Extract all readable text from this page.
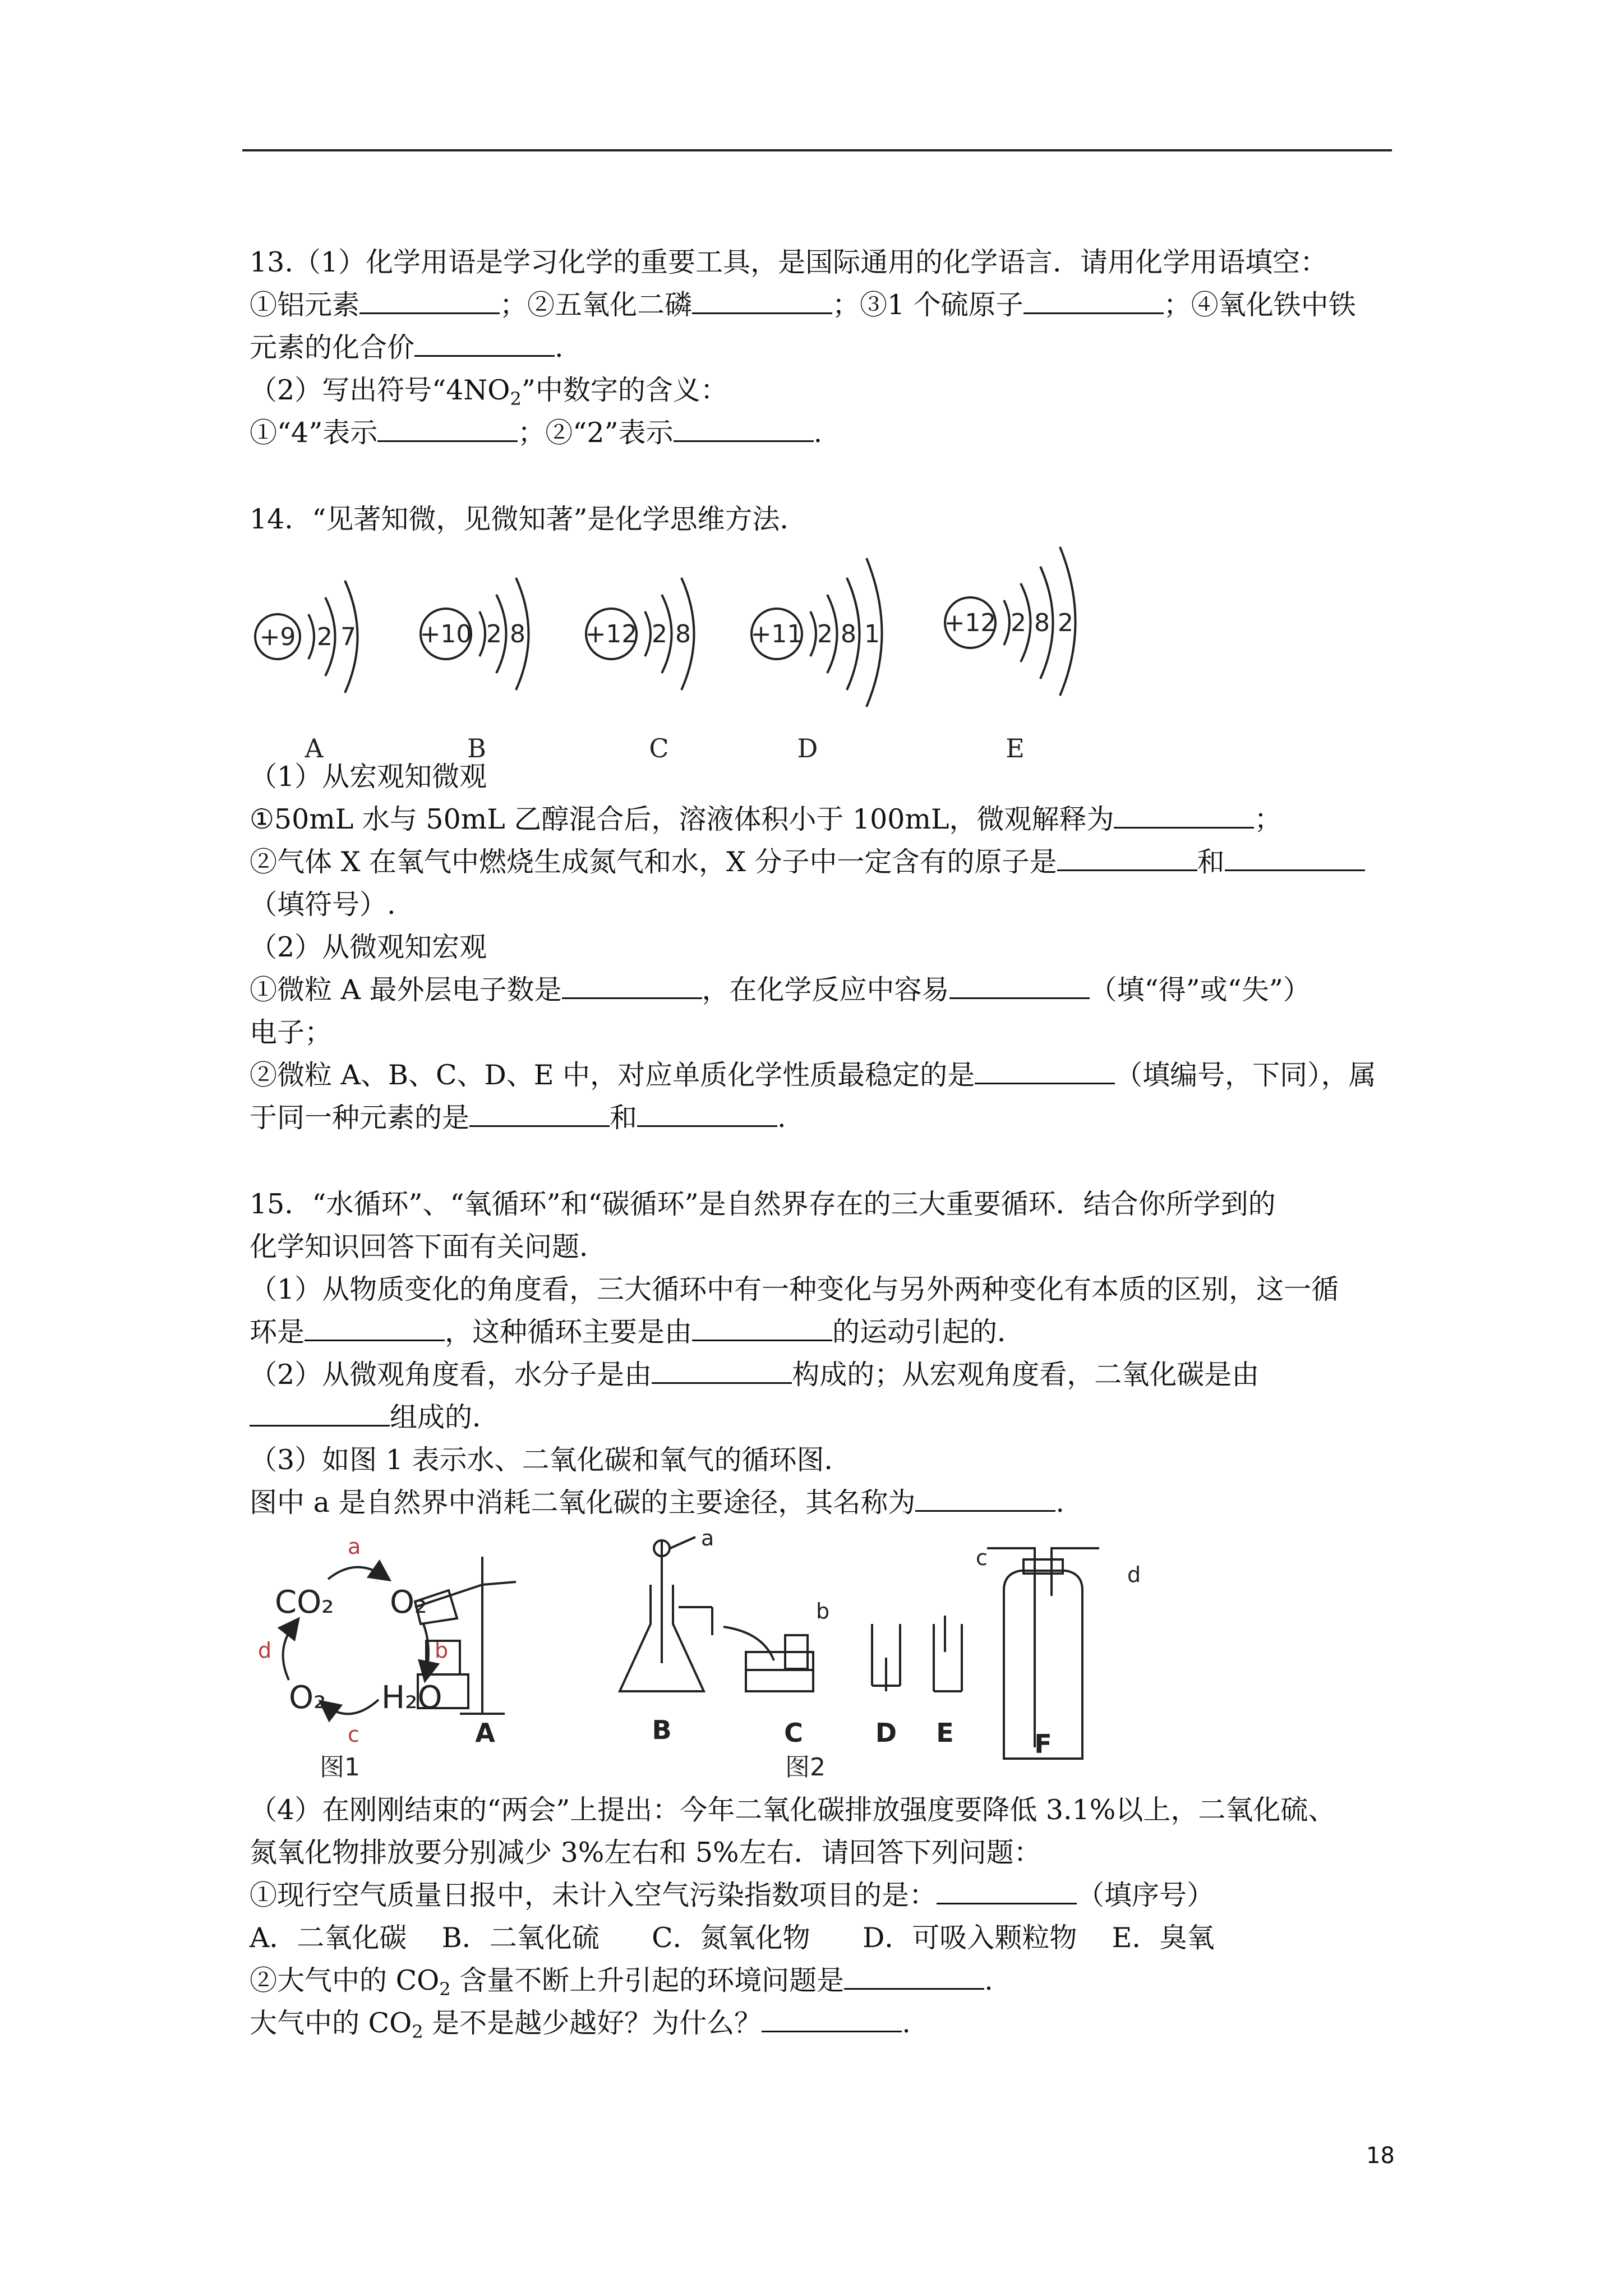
13.（1）化学用语是学习化学的重要工具，是国际通用的化学语言．请用化学用语填空：
①铝元素	；②五氧化二磷	；③1 个硫原子	；④氧化铁中铁
元素的化合价	.
（2）写出符号“$4NO_2$”中数字的含义：
①“4”表示	；②“2”表示	.
14．“见著知微，见微知著”是化学思维方法．
+9 2 7	+10 2 8 +12 2 8 +11 2 8 1	+12 2 8 2
A	B	C	D	E
（1）从宏观知微观
①50mL 水与 50mL 乙醇混合后，溶液体积小于 100mL，微观解释为	；
②气体 X 在氧气中燃烧生成氮气和水，X 分子中一定含有的原子是	和
（填符号）.
（2）从微观知宏观
①微粒 A 最外层电子数是	，在化学反应中容易	（填“得”或“失”）
电子；
②微粒 A、B、C、D、E 中，对应单质化学性质最稳定的是	（填编号，下同），属
于同一种元素的是	和	.
15．“水循环”、“氧循环”和“碳循环”是自然界存在的三大重要循环．结合你所学到的
化学知识回答下面有关问题．
（1）从物质变化的角度看，三大循环中有一种变化与另外两种变化有本质的区别，这一循
环是	，这种循环主要是由	的运动引起的．
（2）从微观角度看，水分子是由	构成的；从宏观角度看，二氧化碳是由
组成的．
（3）如图 1 表示水、二氧化碳和氧气的循环图．
图中 a 是自然界中消耗二氧化碳的主要途径，其名称为	.
CO₂ O₂
H₂O
O₂
a
b
c
d
图1
A	B	C	D E	F
a
b
c
d
图2
（4）在刚刚结束的“两会”上提出：今年二氧化碳排放强度要降低 3.1%以上，二氧化硫、
氮氧化物排放要分别减少 3%左右和 5%左右．请回答下列问题：
①现行空气质量日报中，未计入空气污染指数项目的是：	（填序号）
A．二氧化碳    B．二氧化硫      C．氮氧化物      D．可吸入颗粒物    E．臭氧
②大气中的 $CO_2$ 含量不断上升引起的环境问题是	.
大气中的 $CO_2$ 是不是越少越好？为什么？	.
18
